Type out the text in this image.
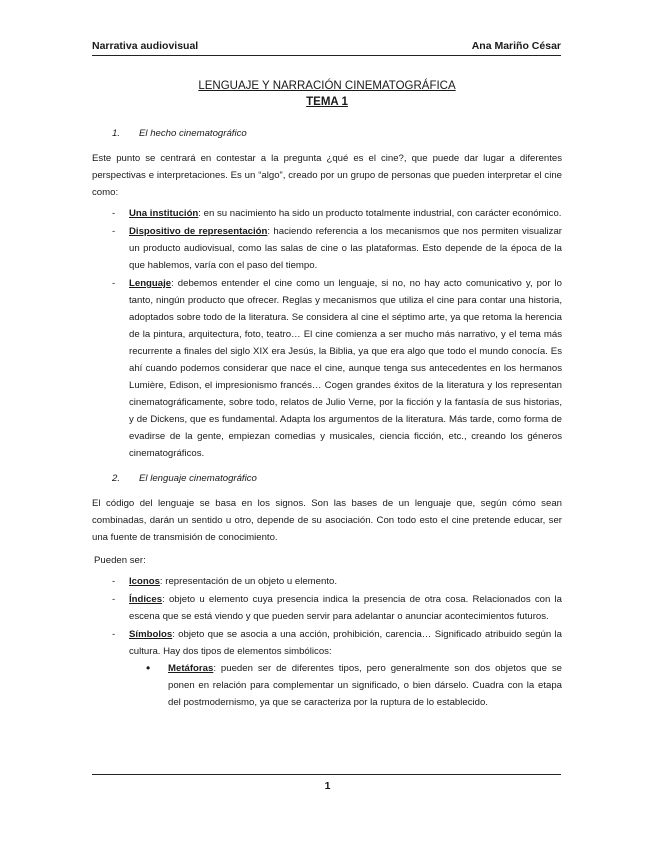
Narrativa audiovisual	Ana Mariño César

LENGUAJE Y NARRACIÓN CINEMATOGRÁFICA

TEMA 1

1.	El hecho cinematográfico

Este punto se centrará en contestar a la pregunta ¿qué es el cine?, que puede dar lugar a diferentes perspectivas e interpretaciones. Es un “algo”, creado por un grupo de personas que pueden interpretar el cine como:

- Una institución: en su nacimiento ha sido un producto totalmente industrial, con carácter económico.
- Dispositivo de representación: haciendo referencia a los mecanismos que nos permiten visualizar un producto audiovisual, como las salas de cine o las plataformas. Esto depende de la época de la que hablemos, varía con el paso del tiempo.
- Lenguaje: debemos entender el cine como un lenguaje, si no, no hay acto comunicativo y, por lo tanto, ningún producto que ofrecer. Reglas y mecanismos que utiliza el cine para contar una historia, adoptados sobre todo de la literatura. Se considera al cine el séptimo arte, ya que retoma la herencia de la pintura, arquitectura, foto, teatro… El cine comienza a ser mucho más narrativo, y el tema más recurrente a finales del siglo XIX era Jesús, la Biblia, ya que era algo que todo el mundo conocía. Es ahí cuando podemos considerar que nace el cine, aunque tenga sus antecedentes en los hermanos Lumière, Edison, el impresionismo francés… Cogen grandes éxitos de la literatura y los representan cinematográficamente, sobre todo, relatos de Julio Verne, por la ficción y la fantasía de sus historias, y de Dickens, que es fundamental. Adapta los argumentos de la literatura. Más tarde, como forma de evadirse de la gente, empiezan comedias y musicales, ciencia ficción, etc., creando los géneros cinematográficos.
2.	El lenguaje cinematográfico

El código del lenguaje se basa en los signos. Son las bases de un lenguaje que, según cómo sean combinadas, darán un sentido u otro, depende de su asociación. Con todo esto el cine pretende educar, ser una fuente de transmisión de conocimiento.

Pueden ser:

- Iconos: representación de un objeto u elemento.
- Índices: objeto u elemento cuya presencia indica la presencia de otra cosa. Relacionados con la escena que se está viendo y que pueden servir para adelantar o anunciar acontecimientos futuros.
- Símbolos: objeto que se asocia a una acción, prohibición, carencia… Significado atribuido según la cultura. Hay dos tipos de elementos simbólicos:
• Metáforas: pueden ser de diferentes tipos, pero generalmente son dos objetos que se ponen en relación para complementar un significado, o bien dárselo. Cuadra con la etapa del postmodernismo, ya que se caracteriza por la ruptura de lo establecido.
1
